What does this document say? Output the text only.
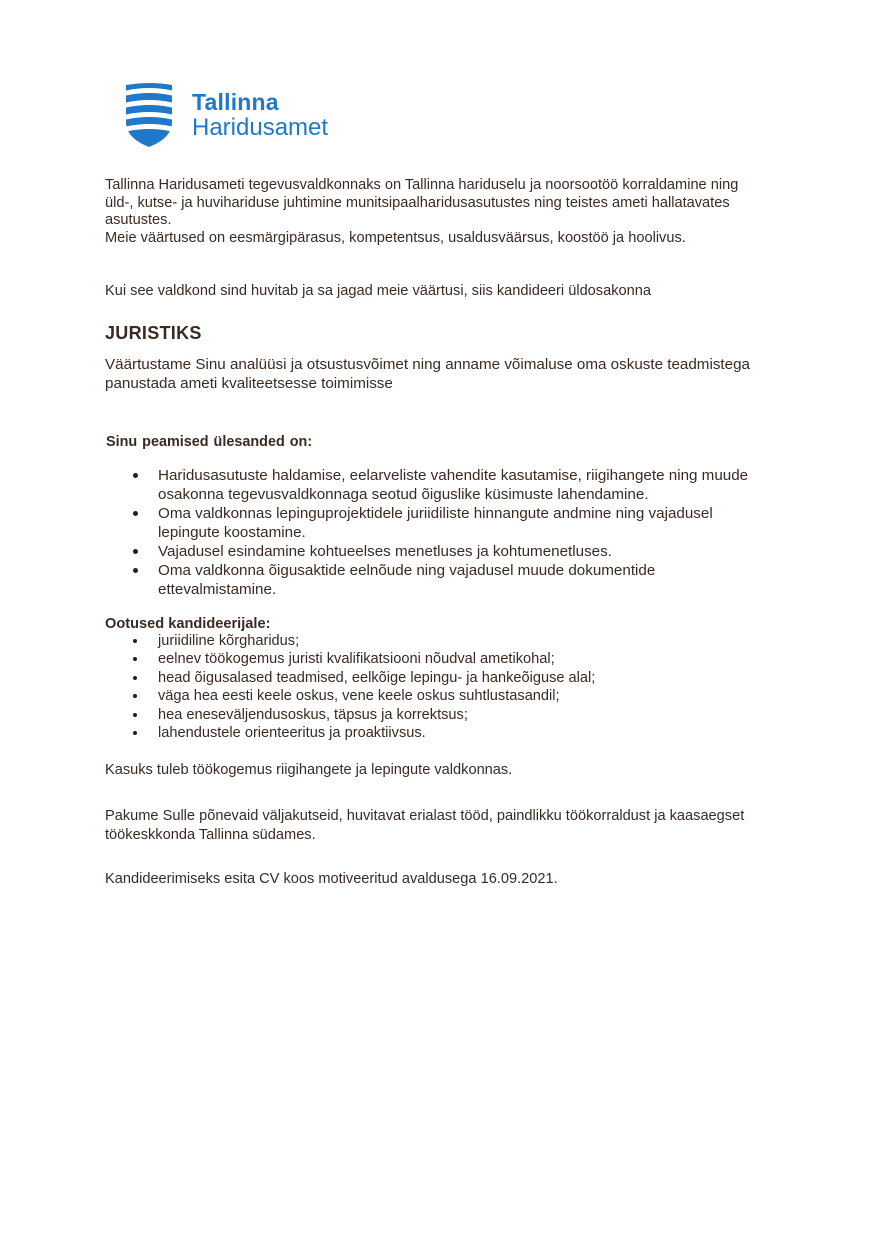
Tallinna
Haridusamet

Tallinna Haridusameti tegevusvaldkonnaks on Tallinna hariduselu ja noorsootöö korraldamine ning üld-, kutse- ja huvihariduse juhtimine munitsipaalharidusasutustes ning teistes ameti hallatavates asutustes.

Meie väärtused on eesmärgipärasus, kompetentsus, usaldusväärsus, koostöö ja hoolivus.

Kui see valdkond sind huvitab ja sa jagad meie väärtusi, siis kandideeri üldosakonna

JURISTIKS

Väärtustame Sinu analüüsi ja otsustusvõimet ning anname võimaluse oma oskuste teadmistega panustada ameti kvaliteetsesse toimimisse

Sinu peamised ülesanded on:

Haridusasutuste haldamise, eelarveliste vahendite kasutamise, riigihangete ning muude osakonna tegevusvaldkonnaga seotud õiguslike küsimuste lahendamine.
Oma valdkonnas lepinguprojektidele juriidiliste hinnangute andmine ning vajadusel lepingute koostamine.
Vajadusel esindamine kohtueelses menetluses ja kohtumenetluses.
Oma valdkonna õigusaktide eelnõude ning vajadusel muude dokumentide ettevalmistamine.

Ootused kandideerijale:

juriidiline kõrgharidus;
eelnev töökogemus juristi kvalifikatsiooni nõudval ametikohal;
head õigusalased teadmised, eelkõige lepingu- ja hankeõiguse alal;
väga hea eesti keele oskus, vene keele oskus suhtlustasandil;
hea eneseväljendusoskus, täpsus ja korrektsus;
lahendustele orienteeritus ja proaktiivsus.

Kasuks tuleb töökogemus riigihangete ja lepingute valdkonnas.

Pakume Sulle põnevaid väljakutseid, huvitavat erialast tööd, paindlikku töökorraldust ja kaasaegset töökeskkonda Tallinna südames.

Kandideerimiseks esita CV koos motiveeritud avaldusega 16.09.2021.
